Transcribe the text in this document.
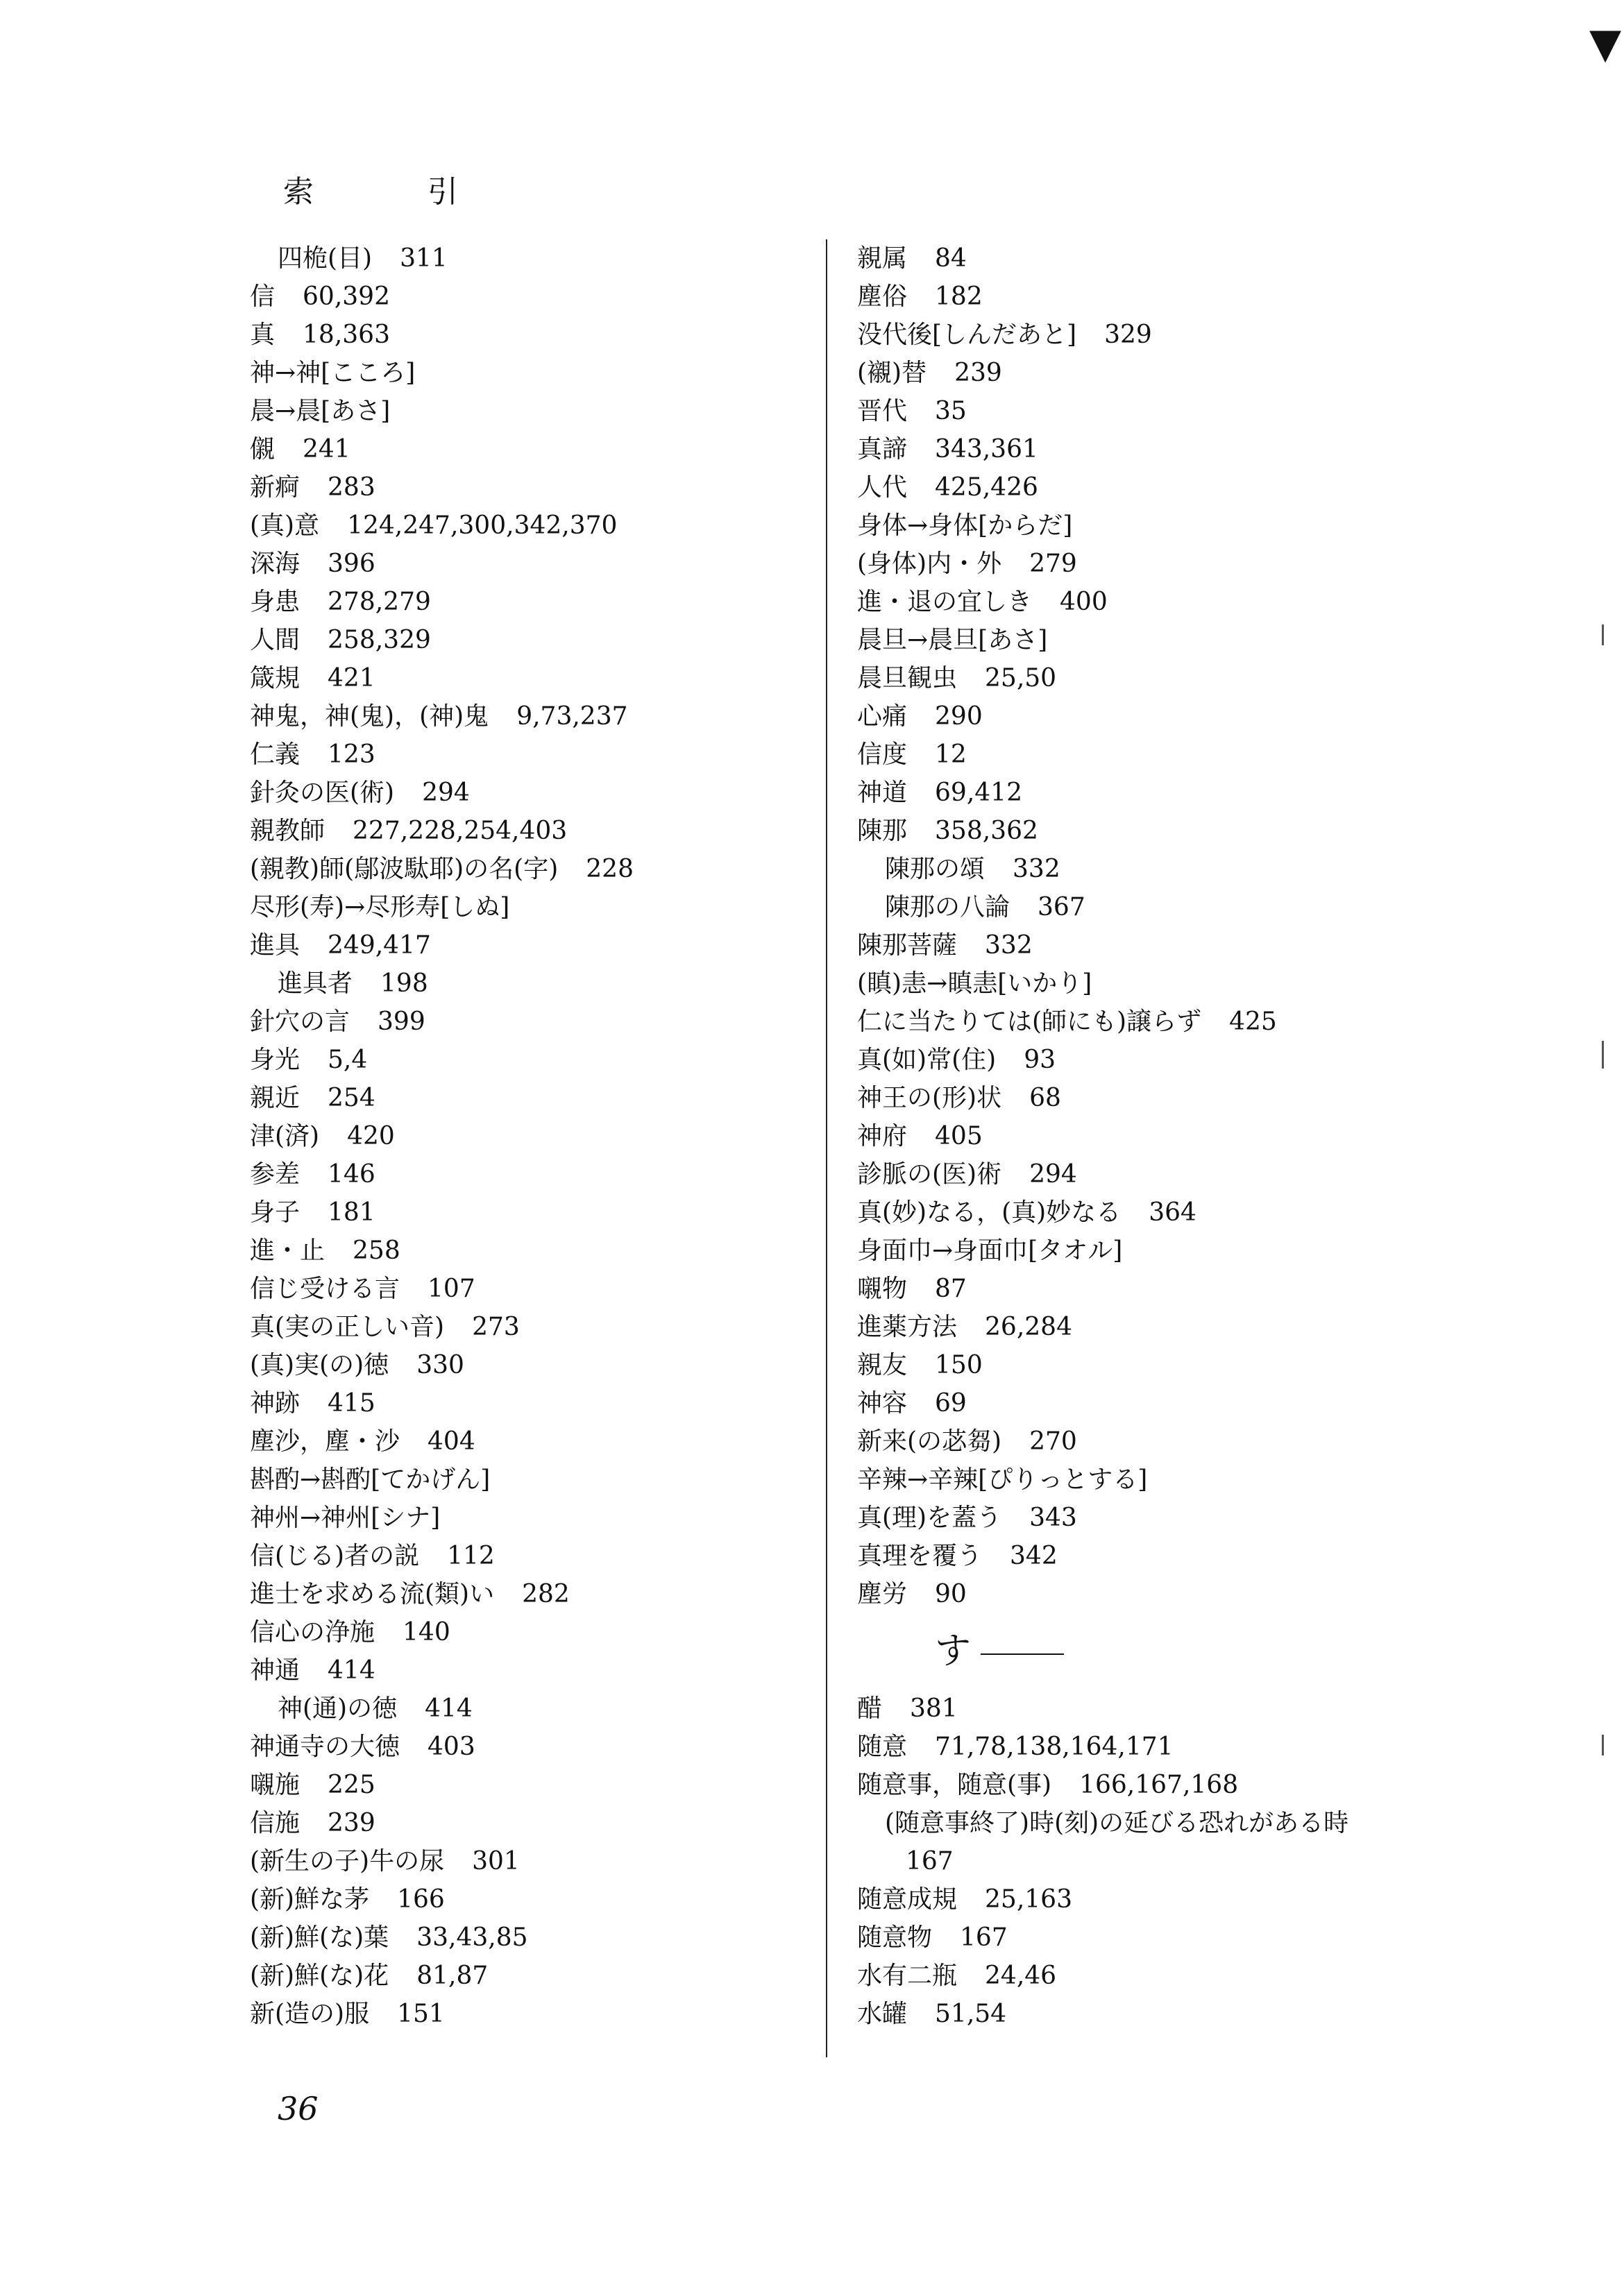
▼
索　引
四桅(目) 311
信 60,392
真 18,363
神→神[こころ]
晨→晨[あさ]
儭 241
新痾 283
(真)意 124,247,300,342,370
深海 396
身患 278,279
人間 258,329
箴規 421
神鬼，神(鬼)，(神)鬼 9,73,237
仁義 123
針灸の医(術) 294
親教師 227,228,254,403
(親教)師(鄔波駄耶)の名(字) 228
尽形(寿)→尽形寿[しぬ]
進具 249,417
進具者 198
針穴の言 399
身光 5,4
親近 254
津(済) 420
参差 146
身子 181
進・止 258
信じ受ける言 107
真(実の正しい音) 273
(真)実(の)徳 330
神跡 415
塵沙，塵・沙 404
斟酌→斟酌[てかげん]
神州→神州[シナ]
信(じる)者の説 112
進士を求める流(類)い 282
信心の浄施 140
神通 414
神(通)の徳 414
神通寺の大徳 403
嚫施 225
信施 239
(新生の子)牛の尿 301
(新)鮮な茅 166
(新)鮮(な)葉 33,43,85
(新)鮮(な)花 81,87
新(造の)服 151
親属 84
塵俗 182
没代後[しんだあと] 329
(襯)替 239
晋代 35
真諦 343,361
人代 425,426
身体→身体[からだ]
(身体)内・外 279
進・退の宜しき 400
晨旦→晨旦[あさ]
晨旦観虫 25,50
心痛 290
信度 12
神道 69,412
陳那 358,362
陳那の頌 332
陳那の八論 367
陳那菩薩 332
(瞋)恚→瞋恚[いかり]
仁に当たりては(師にも)譲らず 425
真(如)常(住) 93
神王の(形)状 68
神府 405
診脈の(医)術 294
真(妙)なる，(真)妙なる 364
身面巾→身面巾[タオル]
嚫物 87
進薬方法 26,284
親友 150
神容 69
新来(の苾芻) 270
辛辣→辛辣[ぴりっとする]
真(理)を蓋う 343
真理を覆う 342
塵労 90
す
醋 381
随意 71,78,138,164,171
随意事，随意(事) 166,167,168
(随意事終了)時(刻)の延びる恐れがある時
167
随意成規 25,163
随意物 167
水有二瓶 24,46
水罐 51,54
36
